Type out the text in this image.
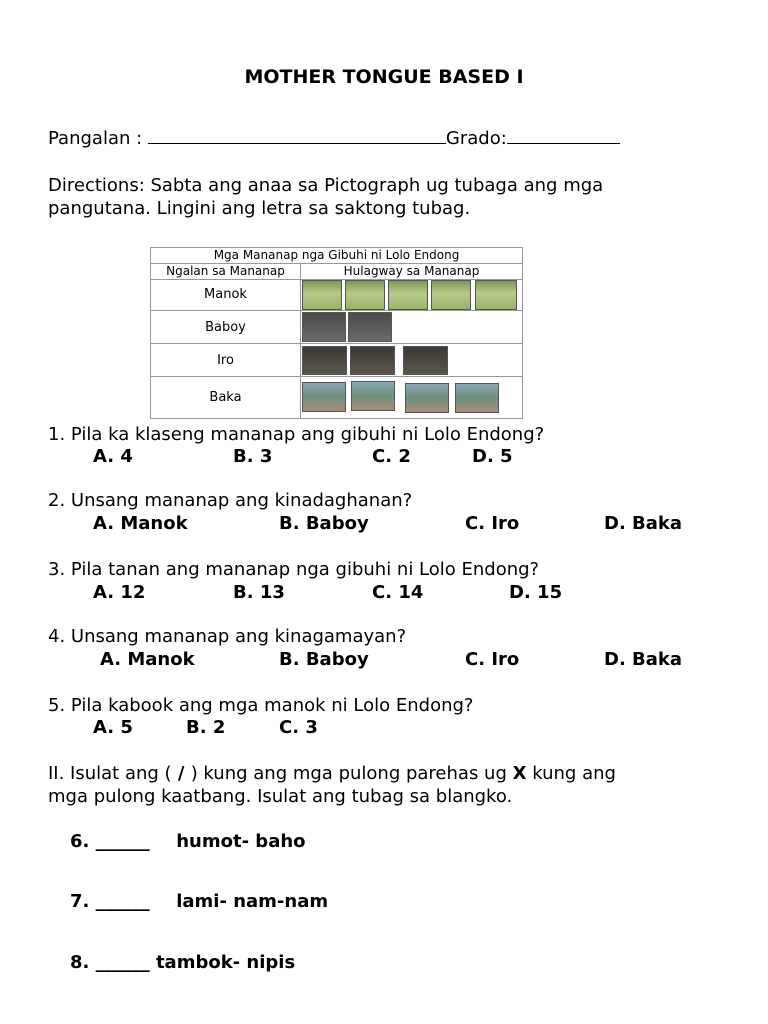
MOTHER TONGUE BASED I
Pangalan :	Grado:
Directions: Sabta ang anaa sa Pictograph ug tubaga ang mga
pangutana. Lingini ang letra sa saktong tubag.
Mga Mananap nga Gibuhi ni Lolo Endong
Ngalan sa Mananap	Hulagway sa Mananap
Manok
Baboy
Iro
Baka
1. Pila ka klaseng mananap ang gibuhi ni Lolo Endong?
A. 4	B. 3	C. 2	D. 5
2. Unsang mananap ang kinadaghanan?
A. Manok	B. Baboy	C. Iro	D. Baka
3. Pila tanan ang mananap nga gibuhi ni Lolo Endong?
A. 12	B. 13	C. 14	D. 15
4. Unsang mananap ang kinagamayan?
A. Manok	B. Baboy	C. Iro	D. Baka
5. Pila kabook ang mga manok ni Lolo Endong?
A. 5	B. 2	C. 3
II. Isulat ang ( / ) kung ang mga pulong parehas ug X kung ang
mga pulong kaatbang. Isulat ang tubag sa blangko.
6. ______ humot- baho
7. ______ lami- nam-nam
8. ______ tambok- nipis
